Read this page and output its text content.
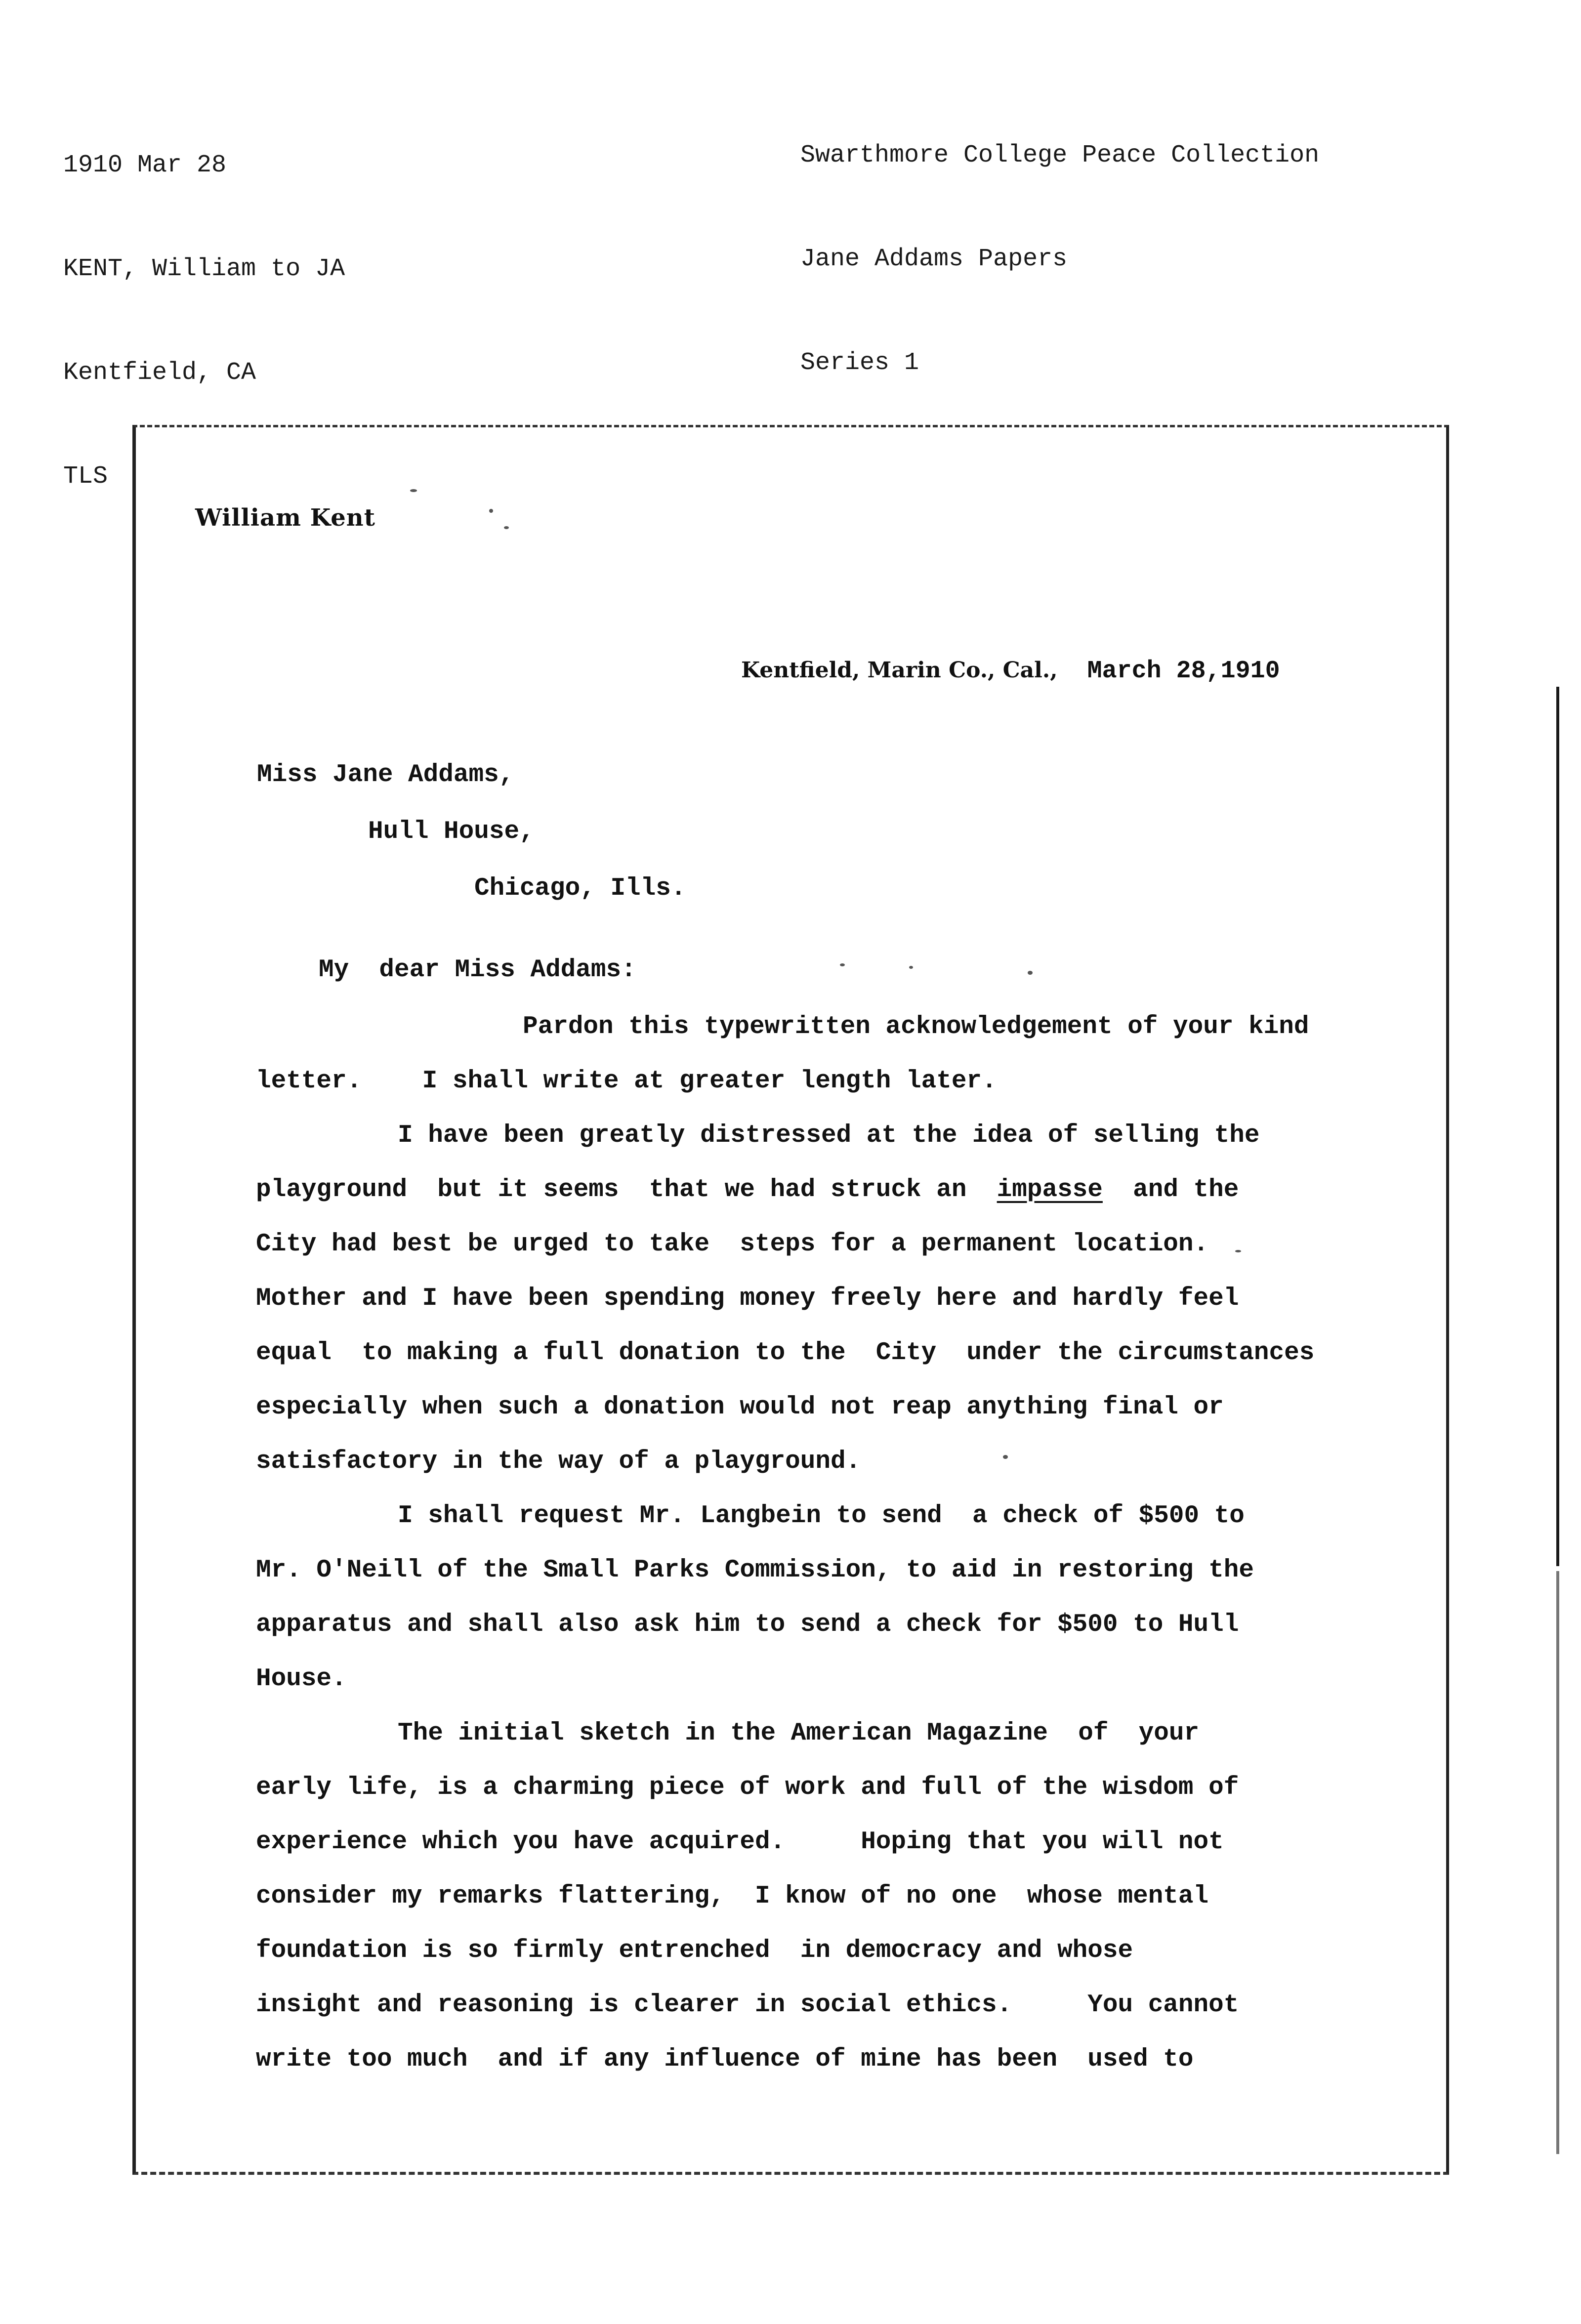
1910 Mar 28

KENT, William to JA

Kentfield, CA

TLS

Swarthmore College Peace Collection

Jane Addams Papers

Series 1

William Kent
Kentfield, Marin Co., Cal., March 28,1910
Miss Jane Addams,
Hull House,
Chicago, Ills.
My  dear Miss Addams:
Pardon this typewritten acknowledgement of your kind
letter.    I shall write at greater length later.
I have been greatly distressed at the idea of selling the
playground  but it seems  that we had struck an  impasse  and the
City had best be urged to take  steps for a permanent location.
Mother and I have been spending money freely here and hardly feel
equal  to making a full donation to the  City  under the circumstances
especially when such a donation would not reap anything final or
satisfactory in the way of a playground.
I shall request Mr. Langbein to send  a check of $500 to
Mr. O'Neill of the Small Parks Commission, to aid in restoring the
apparatus and shall also ask him to send a check for $500 to Hull
House.
The initial sketch in the American Magazine  of  your
early life, is a charming piece of work and full of the wisdom of
experience which you have acquired.     Hoping that you will not
consider my remarks flattering,  I know of no one  whose mental
foundation is so firmly entrenched  in democracy and whose
insight and reasoning is clearer in social ethics.     You cannot
write too much  and if any influence of mine has been  used to
